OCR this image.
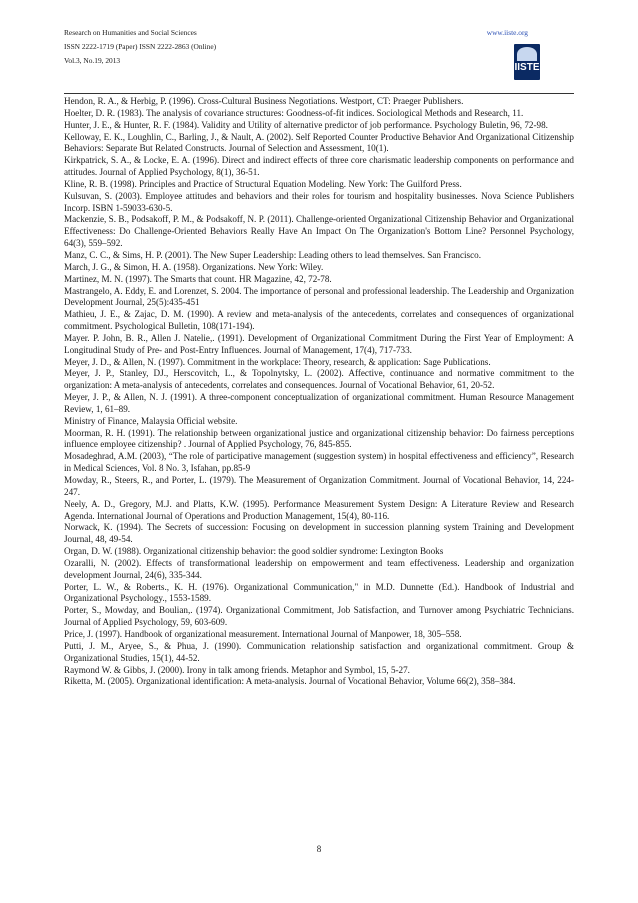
Research on Humanities and Social Sciences
ISSN 2222-1719 (Paper) ISSN 2222-2863 (Online)
Vol.3, No.19, 2013
www.iiste.org
IISTE

Hendon, R. A., & Herbig, P. (1996). Cross-Cultural Business Negotiations. Westport, CT: Praeger Publishers.

Hoelter, D. R. (1983). The analysis of covariance structures: Goodness-of-fit indices. Sociological Methods and Research, 11.

Hunter, J. E., & Hunter, R. F. (1984). Validity and Utility of alternative predictor of job performance. Psychology Buletin, 96, 72-98.

Kelloway, E. K., Loughlin, C., Barling, J., & Nault, A. (2002). Self Reported Counter Productive Behavior And Organizational Citizenship Behaviors: Separate But Related Constructs. Journal of Selection and Assessment, 10(1).

Kirkpatrick, S. A., & Locke, E. A. (1996). Direct and indirect effects of three core charismatic leadership components on performance and attitudes. Journal of Applied Psychology, 8(1), 36-51.

Kline, R. B. (1998). Principles and Practice of Structural Equation Modeling. New York: The Guilford Press.

Kulsuvan, S. (2003). Employee attitudes and behaviors and their roles for tourism and hospitality businesses. Nova Science Publishers Incorp. ISBN 1-59033-630-5.

Mackenzie, S. B., Podsakoff, P. M., & Podsakoff, N. P. (2011). Challenge-oriented Organizational Citizenship Behavior and Organizational Effectiveness: Do Challenge-Oriented Behaviors Really Have An Impact On The Organization's Bottom Line? Personnel Psychology, 64(3), 559–592.

Manz, C. C., & Sims, H. P. (2001). The New Super Leadership: Leading others to lead themselves. San Francisco.

March, J. G., & Simon, H. A. (1958). Organizations. New York: Wiley.

Martinez, M. N. (1997). The Smarts that count. HR Magazine, 42, 72-78.

Mastrangelo, A. Eddy, E. and Lorenzet, S. 2004. The importance of personal and professional leadership. The Leadership and Organization Development Journal, 25(5):435-451

Mathieu, J. E., & Zajac, D. M. (1990). A review and meta-analysis of the antecedents, correlates and consequences of organizational commitment. Psychological Bulletin, 108(171-194).

Mayer. P. John, B. R., Allen J. Natelie,. (1991). Development of Organizational Commitment During the First Year of Employment: A Longitudinal Study of Pre- and Post-Entry Influences. Journal of Management, 17(4), 717-733.

Meyer, J. D., & Allen, N. (1997). Commitment in the workplace: Theory, research, & application: Sage Publications.

Meyer, J. P., Stanley, DJ., Herscovitch, L., & Topolnytsky, L. (2002). Affective, continuance and normative commitment to the organization: A meta-analysis of antecedents, correlates and consequences. Journal of Vocational Behavior, 61, 20-52.

Meyer, J. P., & Allen, N. J. (1991). A three-component conceptualization of organizational commitment. Human Resource Management Review, 1, 61–89.

Ministry of Finance, Malaysia Official website.

Moorman, R. H. (1991). The relationship between organizational justice and organizational citizenship behavior: Do fairness perceptions influence employee citizenship? . Journal of Applied Psychology, 76, 845-855.

Mosadeghrad, A.M. (2003), “The role of participative management (suggestion system) in hospital effectiveness and efficiency”, Research in Medical Sciences, Vol. 8 No. 3, Isfahan, pp.85-9

Mowday, R., Steers, R., and Porter, L. (1979). The Measurement of Organization Commitment. Journal of Vocational Behavior, 14, 224-247.

Neely, A. D., Gregory, M.J. and Platts, K.W. (1995). Performance Measurement System Design: A Literature Review and Research Agenda. International Journal of Operations and Production Management, 15(4), 80-116.

Norwack, K. (1994). The Secrets of succession: Focusing on development in succession planning system Training and Development Journal, 48, 49-54.

Organ, D. W. (1988). Organizational citizenship behavior: the good soldier syndrome: Lexington Books

Ozaralli, N. (2002). Effects of transformational leadership on empowerment and team effectiveness. Leadership and organization development Journal, 24(6), 335-344.

Porter, L. W., & Roberts., K. H. (1976). Organizational Communication," in M.D. Dunnette (Ed.). Handbook of Industrial and Organizational Psychology., 1553-1589.

Porter, S., Mowday, and Boulian,. (1974). Organizational Commitment, Job Satisfaction, and Turnover among Psychiatric Technicians. Journal of Applied Psychology, 59, 603-609.

Price, J. (1997). Handbook of organizational measurement. International Journal of Manpower, 18, 305–558.

Putti, J. M., Aryee, S., & Phua, J. (1990). Communication relationship satisfaction and organizational commitment. Group & Organizational Studies, 15(1), 44-52.

Raymond W. & Gibbs, J. (2000). Irony in talk among friends. Metaphor and Symbol, 15, 5-27.

Riketta, M. (2005). Organizational identification: A meta-analysis. Journal of Vocational Behavior, Volume 66(2), 358–384.

8
